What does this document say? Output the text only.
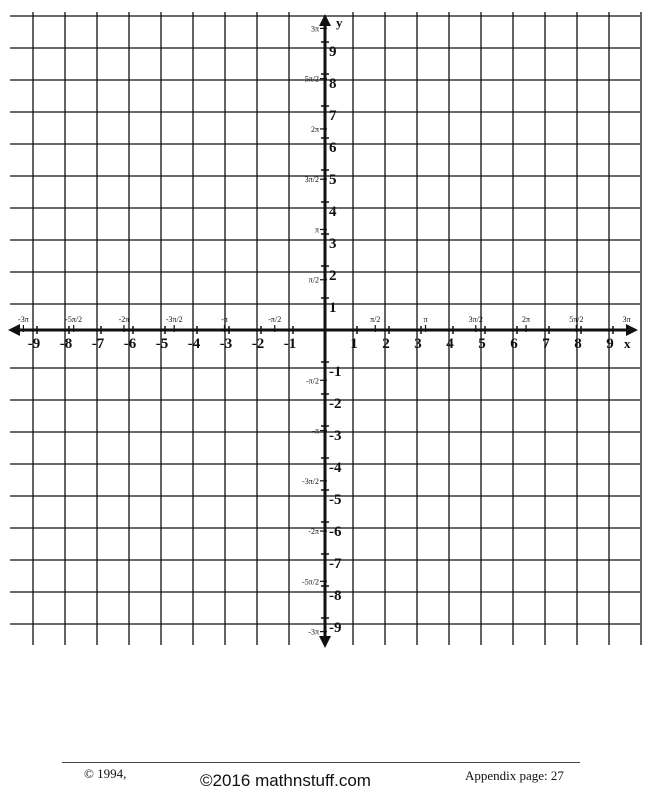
x
y
-9 -8 -7 -6 -5 -4 -3 -2 -1	1 2 3 4 5 6 7 8 9
-9
-8
-7
-6
-5
-4
-3
-2
-1
1
2
3
4
5
6
7
8
9
-3π	-5π/2	-2π	-3π/2	-π	-π/2	π/2	π	3π/2	2π	5π/2	3π
3π
5π/2
2π
3π/2
π
π/2
-π/2
-π
-3π/2
-2π
-5π/2
-3π
© 1994,	©2016 mathnstuff.com	Appendix page: 27
